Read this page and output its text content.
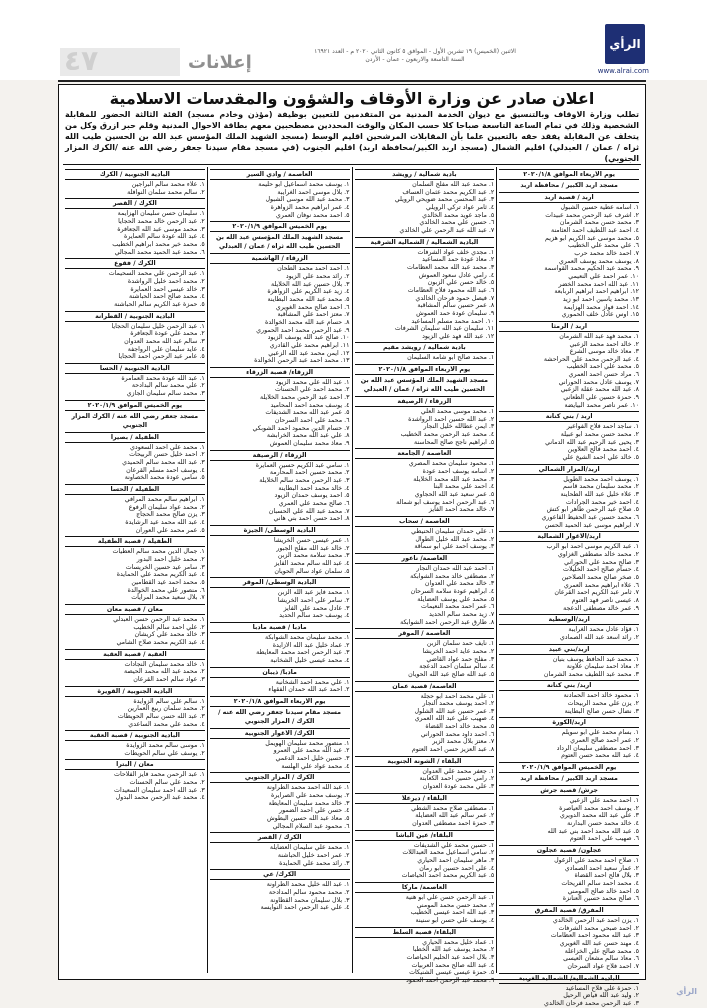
٤٧	إعلانات
الاثنين (الخميس) ١٩ تشرين الأول - الموافق ٥ كانون الثاني ٢٠٢٠ م - العدد ١٦٩٢١
السنة التاسعة والاربعون - عمان - الأردن
الرأي
www.alrai.com
اعلان صادر عن وزارة الأوقاف والشؤون والمقدسات الاسلامية
تطلب وزارة الاوقاف وبالتنسيق مع ديوان الخدمة المدنية من المتقدمين للتعيين بوظيفة (مؤذن وخادم مسجد) الفئة الثالثة الحضور للمقابلة الشخصية وذلك في تمام الساعة التاسعة صباحا كلا حسب المكان والوقت المحددين مصطحبين معهم بطاقة الاحوال المدنية وقلم حبر ازرق وكل من يتخلف عن المقابلة يفقد حقه بالتعيين علما بأن المقابلات المرشحين اقليم الوسط (مسجد الشهيد الملك المؤسس عبد الله بن الحسين طيب الله ثراه / عمان / العبدلي) اقليم الشمال (مسجد اربد الكبير/محافظة اربد) اقليم الجنوب (في مسجد مقام سيدنا جعفر رضي الله عنه /الكرك المزار الجنوبي)
يوم الاربعاء الموافق ٢٠٢٠/١/٨
مسجد اربد الكبير / محافظة اربد
اربد / قصبة اربد
١. اسامه عطية حسين الشبول
٢. اشرف عبد الرحمن محمد عبيدات
٣. محمد حسن محمد الشرمان
٤. احمد عبد اللطيف احمد العثامنة
٥. محمد موسى عبد الكريم ابو هزيم
٦. علي محمد علي الخطيب
٧. احمد خالد محمد حرب
٨. يوسف محمد يوسف العمري
٩. محمد عبد الحكيم محمد القواسمة
١٠. عمر احمد علي النعيمي
١١. عبد الله احمد محمد الخضر
١٢. ابراهيم احمد ابراهيم الربابعة
١٣. محمد ياسين احمد ابو زيد
١٤. احمد فواز محمد الهزايمة
١٥. اوس عادل خلف الحموري
اربد / الرمثا
١. محمد فهد عبد الله الشرمان
٢. خالد احمد محمد الزعبي
٣. معاذ خالد موسى الشرع
٤. عبد الرحمن محمد علي الحراحشة
٥. محمد علي احمد الخطيب
٦. مراد حسن احمد العمري
٧. يوسف عادل محمد الحوراني
٨. عبد الله محمد عقلة الزعبي
٩. حمزة حسين علي الطعاني
١٠. عمر ناصر محمد البيايضة
اربد / بني كنانة
١. ساجد احمد فلاح الفواعير
٢. محمد حسن محمد ابو عبيلة
٣. يحيى عبد الرحيم عبد الله الدماني
٤. احمد محمد فالح العلاوين
٥. خالد علي احمد الشيخ علي
اربد/المزار الشمالي
١. يوسف احمد محمد الطويل
٢. محمد سليمان محمد قاسم
٣. علاء خليل عبد الله الطحاينة
٤. احمد خير محمد الجرادات
٥. صلاح عبد الرحمن طاهر ابو كتش
٦. محمد حسين عبد الحفيظ الفاعوري
٧. ابراهيم موسى عبد الحميد الحسن
اربد/الاغوار الشمالية
١. عبد الكريم موسى احمد ابو الرب
٢. محمد خالد مصطفى الغزاوي
٣. صالح محمد علي الحوراني
٤. حسام صالح احمد الخليلات
٥. صخر صالح محمد الصلاحين
٦. علاء ابراهيم محمد العمري
٧. ثامر عبد الكريم احمد القرعان
٨. عيسى ناصر فهد العتوم
٩. عمر خالد مصطفى الدعجة
اربد/الوسطية
١. فؤاد عادل محمد الغرايبة
٢. رائد اسعد عبد الله الصمادي
اربد/بني عبيد
١. محمد عبد الحافظ يوسف بنيان
٢. معاذ احمد سليمان علاونة
٣. محمد عبد اللطيف محمد الشرمان
اربد/ بني كنانة
١. محمود خالد احمد الحمادنة
٢. يزن علي محمد الربيحات
٣. نضال حسن صالح البطاينة
اربد/الكورة
١. بسام محمد علي ابو سويلم
٢. عمر احمد صالح العمري
٣. احمد مصطفى سليمان الرداد
٤. عبد الله محمد حسن العتوم
يوم الخميس الموافق ٢٠٢٠/١/٩
مسجد اربد الكبير / محافظة اربد
جرش/ قصبة جرش
١. احمد محمد علي الزعبي
٢. يوسف احمد محمد العياصرة
٣. علي عبد الله محمد الدويري
٤. خالد محمد حسن البدارنة
٥. عبد الله محمد احمد بني عبد الله
٦. صهيب علي احمد العتوم
عجلون/ قصبة عجلون
١. صلاح احمد محمد علي الزغول
٢. عمار سعيد احمد الصمادي
٣. بلال فالح احمد القضاة
٤. محمد احمد سالم الفريحات
٥. احمد خالد صالح المومني
٦. صالح محمد حسين العنانزة
المفرق/ قصبة المفرق
١. يزن احمد عبد الرحمن الخالدي
٢. احمد صبحي محمد الشرفات
٣. عبد الله محمود احمد العظامات
٤. مهند حسن عبد الله الغويري
٥. محمد صالح علي الخزاعلة
٦. معاذ سالم مشعان العيسى
٧. احمد فلاح عواد السرحان
البادية الشمالية/ الشمالية الغربية
١. حمزة علي فلاح المساعيد
٢. وليد عبد الله فياض الرحيل
٣. عبد الرحمن محمد فرحان الخالدي
بادية شمالية / رويشد
١. محمد عبد الله مفلح السلمان
٢. عبد الكريم محمد عثمان العساف
٣. عبد المحسن محمد ضويحي الرويلي
٤. ثامر عواد تركي الرويلي
٥. ماجد عويد محمد الخالدي
٦. حسين علي محمد الخالدي
٧. عبد الله عبد الرحمن علي الخالدي
البادية الشمالية / الشمالية الشرقية
١. مجدي خلف عواد الشرفات
٢. معاذ عودة حمد المساعيد
٣. محمد عبد الله محمد العظامات
٤. رامي عادل سعود العموش
٥. خالد حسن علي الزبون
٦. عبد الله محمود فلاح العظامات
٧. فيصل حمود فرحان الخالدي
٨. عمر حسين سالم المشاقبة
٩. سليمان عودة حمد العموش
١٠. احمد محمد مسلم المساعيد
١١. سليمان عبد الله سليمان الشرفات
١٢. عبد الله فهد علي الزيود
بادية شمالية / رويشد مقيم
١. محمد صالح ابو شامة السليمان
يوم الاربعاء الموافق ٢٠٢٠/١/٨
مسجد الشهيد الملك المؤسس عبد الله بن الحسين طيب الله ثراه / عمان / العبدلي
الزرقاء / الرصيفة
١. محمد موسى محمد العلي
٢. عبد الله حسين احمد الرواشدة
٣. ايمن عطالله خليل النجار
٤. محمد عبد الرحمن محمد الخطيب
٥. ابراهيم ناجح صالح المحاسنة
العاصمة / الجامعة
١. محمود سليمان محمد المصري
٢. اسامه يوسف احمد عودة
٣. محمد عبد الله محمد الخلايلة
٤. احمد علي محمد البنا
٥. عمر سعيد عبد الله الحجاوي
٦. عبد الرحمن احمد يوسف ابو شمالة
٧. خالد محمد احمد الفايز
العاصمة / سحاب
١. علي حمدان سليمان الحنيطي
٢. محمد عبد الله خليل الطوال
٣. يوسف احمد علي ابو سماقة
العاصمة/ ناعور
١. احمد عبد الله حمدان النجار
٢. مصطفى خالد محمد الشوابكة
٣. خالد محمد علي العدوان
٤. ابراهيم عودة سلامة السرحان
٥. محمد علي يوسف العضايلة
٦. عمر احمد محمد النعيمات
٧. زيد محمد سالم الحديد
٨. طارق عبد الرحمن احمد الشوابكة
العاصمة / الموقر
١. نايف حمد سلمان الزبن
٢. محمد عايد احمد الخريشا
٣. مفلح حمد عواد القاضي
٤. سالم سلمان احمد الدعجة
٥. عبد الله صالح عبد الله الحويان
العاصمة/ قصبة عمان
١. علي محمد احمد ابو حجلة
٢. احمد يوسف محمد النجار
٣. عمر حسين عبد الله الشلول
٤. صهيب علي عبد الله العمري
٥. محمد خالد احمد القضاة
٦. احمد داود محمد الحوراني
٧. معتز بلال محمد الزير
٨. عبد العزيز حسن احمد العتوم
البلقاء / الشونة الجنوبية
١. جعفر محمد علي العدوان
٢. رامي حسين احمد الكعابنة
٣. علي محمد عودة العدوان
البلقاء / ديرعلا
١. مصطفى صلاح محمد الشطي
٢. عمر سالم عبد الله العضايلة
٣. حمزة احمد مصطفى العدوان
البلقاء/ عين الباشا
١. حسين محمد علي الشديفات
٢. سامي اسماعيل محمد العبداللات
٣. ماهر سليمان احمد الحياري
٤. علي احمد حسين ابو رمان
٥. عبد الكريم محمد احمد الحياصات
العاصمة/ ماركا
١. عبد الرحمن حسن علي ابو هنية
٢. محمد حسن محمد المومني
٣. عبد الله احمد عيسى الخطيب
٤. يوسف علي حسن ابو سنينة
البلقاء/ قصبة السلط
١. عماد خليل محمد الحياري
٢. محمد يوسف عبد الله الخطبا
٣. بلال احمد عبد الحليم الحياصات
٤. عبد الله صالح محمد العربيات
٥. حمزة عيسى عيسى الشنيكات
٦. محمد عبد الرحمن احمد الحمود
العاصمة / وادي السير
١. يوسف محمد اسماعيل ابو حليمة
٢. بلال موسى احمد الغرايبة
٣. محمد عبد الله موسى الشبول
٤. عمر ابراهيم محمد الزواهرة
٥. احمد محمد نوفان العمري
يوم الخميس الموافق ٢٠٢٠/١/٩
مسجد الشهيد الملك المؤسس عبد الله بن الحسين طيب الله ثراه / عمان / العبدلي
الزرقاء / الهاشمية
١. احمد احمد محمد الطحان
٢. رائد محمد علي الزيود
٣. بلال حسين عبد الله الخلايلة
٤. زيد عبد الكريم علي الزواهرة
٥. محمد عبد الله محمد البطاينة
٦. احمد صالح محمد الغويري
٧. معتز احمد علي المشاقبة
٨. حسام عبد الله محمد الخوالدة
٩. عبد الرحمن محمد احمد الحموري
١٠. صالح عبد الله يوسف الزيود
١١. ابراهيم محمد علي القادري
١٢. ايمن محمد عبد الله الزعبي
١٣. محمد احمد عبد الرحمن الخوالدة
الزرقاء/ قصبة الزرقاء
١. عبد الله علي محمد الزيود
٢. محمد احمد علي الحسنات
٣. احمد عبد الرحمن محمد الخلايلة
٤. يوسف محمد احمد المحاميد
٥. عمر عبد الله محمد الشديفات
٦. محمد علي احمد السرحان
٧. حسام الدين محمود احمد الشوبكي
٨. علي عبد الله محمد الخرابشة
٩. معاذ محمد سليمان العموش
الزرقاء / الرصيفة
١. سامي عبد الكريم حسين العمايرة
٢. محمد حسين احمد المحارمة
٣. عبد الرحمن محمد سالم الخلايلة
٤. خالد محمد احمد البطاينة
٥. احمد يوسف حمدان الزيود
٦. صالح محمد علي العمري
٧. محمد عبد الله علي الحسبان
٨. احمد حسن احمد بني هاني
البادية الوسطى/ الجيزة
١. عمر عيسى حسن الخريشا
٢. خالد عبد الله مفلح الجبور
٣. محمد سلامة محمد الزبن
٤. عبد الله سالم محمد الفايز
٥. سلمان عواد سالم الحويان
البادية الوسطى/ الموقر
١. محمد فايز عبد الله الزبن
٢. سامر علي احمد الخريشا
٣. عادل محمد علي الفايز
٤. يوسف حمد سالم الحديد
مادبا / قصبة مادبا
١. محمد سليمان محمد الشوابكة
٢. عماد خليل عبد الله الازايدة
٣. عبد الرحمن احمد محمد المعايطة
٤. محمد عيسى خليل الشخانبة
مادبا/ ذيبان
١. علي محمد احمد الشخانبة
٢. احمد عبد الله حمدان الفقهاء
يوم الاربعاء الموافق ٢٠٢٠/١/٨
مسجد مقام سيدنا جعفر رضي الله عنه / الكرك / المزار الجنوبي
الكرك/ الاغوار الجنوبية
١. منصور محمد سليمان الهويمل
٢. عبد الله محمد علي العمرو
٣. حسين خليل احمد الدغمي
٤. محمد عواد علي الهلسة
الكرك / المزار الجنوبي
١. عبد الله احمد محمد الطراونة
٢. يوسف محمد علي الصرايرة
٣. خالد محمد سليمان المعايطة
٤. حسن علي احمد الضمور
٥. معاذ عبد الله حسين البطوش
٦. محمود عبد السلام المجالي
الكرك / القصر
١. محمد علي سليمان العضايلة
٢. عمر احمد خليل الحباشنة
٣. رائد محمد علي الحمايدة
الكرك/ عي
١. عبد الله خليل محمد الطراونة
٢. محمد محمود سالم المدادحة
٣. بلال سليمان محمد القطاونة
٤. علي عبد الرحمن احمد النوايسة
البادية الجنوبية / الكرك
١. علاء محمد سالم البراجين
٢. سالم محمد سلمان النوافلة
الكرك / القصر
١. سليمان حسن سليمان الهزايمة
٢. عبد الرحمن خالد محمد الحجايا
٣. محمد موسى عبد الله الجعافرة
٤. عبد الله عودة سالم العمايرة
٥. محمد خير محمد ابراهيم الخطيب
٦. محمد عبد الحميد محمد المجالي
الكرك / فقوع
١. عبد الرحمن علي محمد السحيمات
٢. محمد احمد خليل الرواشدة
٣. خالد عيسى احمد العمايرة
٤. محمد صالح احمد الحباشنة
٥. حمزة عبد الكريم سالم الحباشنة
البادية الجنوبية / القطرانة
١. عبد الرحمن خليل سليمان الحجايا
٢. محمد علي عودة الجعافرة
٣. سالم عبد الله محمد العدوان
٤. عايد سليمان علي الرواجفة
٥. عامر عبد الرحمن احمد الحجايا
البادية الجنوبية / الحسا
١. عبد الله عودة محمد العمامرة
٢. علي محمد سالم البدادحة
٣. محمد سالم سليمان الجازي
يوم الخميس الموافق ٢٠٢٠/١/٩
مسجد جعفر رضي الله عنه / الكرك المزار الجنوبي
الطفيلة / بصيرا
١. محمد علي احمد السعودي
٢. احمد خليل حسن الربيحات
٣. عبد الله محمد سالم الحميدي
٤. يوسف احمد مسلم القرعان
٥. سامي عودة محمد الخصاونة
الطفيلة / الحسا
١. ابراهيم سالم محمد المرافي
٢. محمد عواد سليمان الرفوع
٣. يزن صالح محمد الحجاج
٤. عبد الله محمد عيد الرشايدة
٥. عمر محمد علي العوران
الطفيلة / قصبة الطفيلة
١. جمال الدين محمد سالم العطيات
٢. محمد خليل احمد البدور
٣. سامر عيد حسين الخريسات
٤. عبد الكريم محمد علي الحمايدة
٥. محمد احمد عيد القطامين
٦. منصور علي محمد الخوالدة
٧. بلال سعيد محمد المرايات
معان / قصبة معان
١. محمد عبد الرحمن حسن العبدلي
٢. علي احمد سالم الخطيب
٣. خالد محمد علي كريشان
٤. عبد الكريم محمد صلاح الشامي
العقبة / قصبة العقبة
١. خالد محمد سليمان النجادات
٢. محمد عبد الله محمد الحيصة
٣. عواد سالم احمد القرعان
البادية الجنوبية / القويرة
١. سالم علي سالم الزوايدة
٢. محمد سلمان ربيع العمارين
٣. عبد الله حسن سالم الحويطات
٤. محمد علي محمد الساعدي
البادية الجنوبية / قصبة العقبة
١. موسى سالم محمد الزوايدة
٢. يوسف علي سالم الحويطات
معان / البترا
١. عبد الرحمن محمد فايز الفلاحات
٢. محمد علي سالم الحسنات
٣. عبد الله احمد سليمان السعيدات
٤. محمد عبد الرحمن محمد البدول
الرأي
